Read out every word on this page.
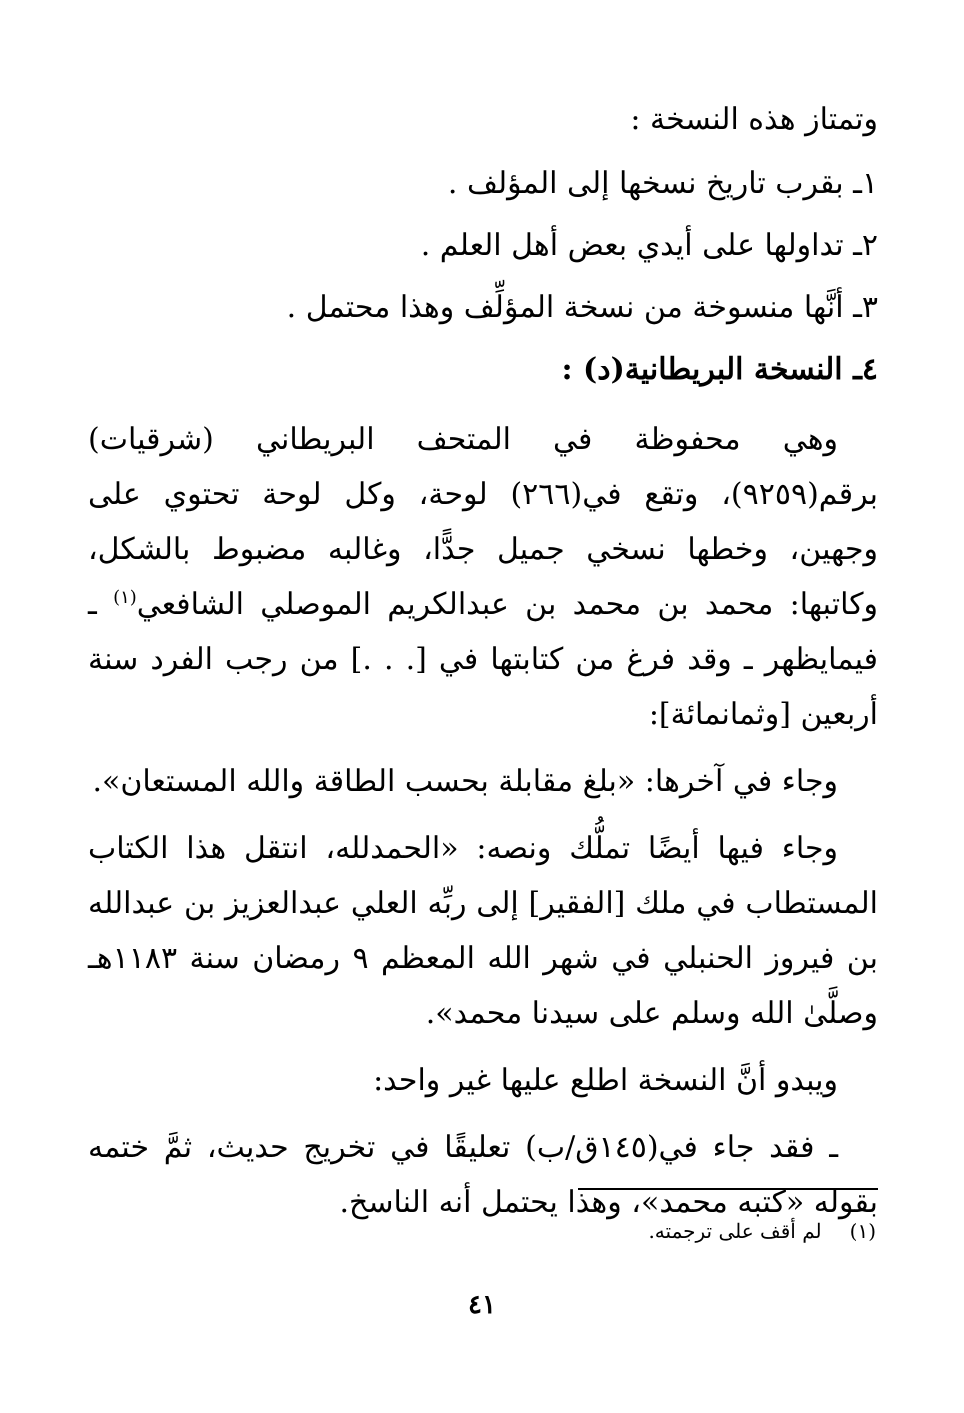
وتمتاز هذه النسخة :

١ـ بقرب تاريخ نسخها إلى المؤلف .

٢ـ تداولها على أيدي بعض أهل العلم .

٣ـ أنَّها منسوخة من نسخة المؤلِّف وهذا محتمل .

٤ـ النسخة البريطانية(د) :

وهي محفوظة في المتحف البريطاني (شرقيات) برقم(٩٢٥٩)، وتقع في(٢٦٦) لوحة، وكل لوحة تحتوي على وجهين، وخطها نسخي جميل جدًّا، وغالبه مضبوط بالشكل، وكاتبها: محمد بن محمد بن عبدالكريم الموصلي الشافعي$^{(١)}$ ـ فيمايظهر ـ وقد فرغ من كتابتها في [. . .] من رجب الفرد سنة أربعين [وثمانمائة]:

وجاء في آخرها: «بلغ مقابلة بحسب الطاقة والله المستعان».

وجاء فيها أيضًا تملُّك ونصه: «الحمدلله، انتقل هذا الكتاب المستطاب في ملك [الفقير] إلى ربِّه العلي عبدالعزيز بن عبدالله بن فيروز الحنبلي في شهر الله المعظم ٩ رمضان سنة ١١٨٣هـ وصلَّىٰ الله وسلم على سيدنا محمد».

ويبدو أنَّ النسخة اطلع عليها غير واحد:

ـ فقد جاء في(١٤٥ق/ب) تعليقًا في تخريج حديث، ثمَّ ختمه بقوله «كتبه محمد»، وهذا يحتمل أنه الناسخ.

(١)لم أقف على ترجمته.
٤١
